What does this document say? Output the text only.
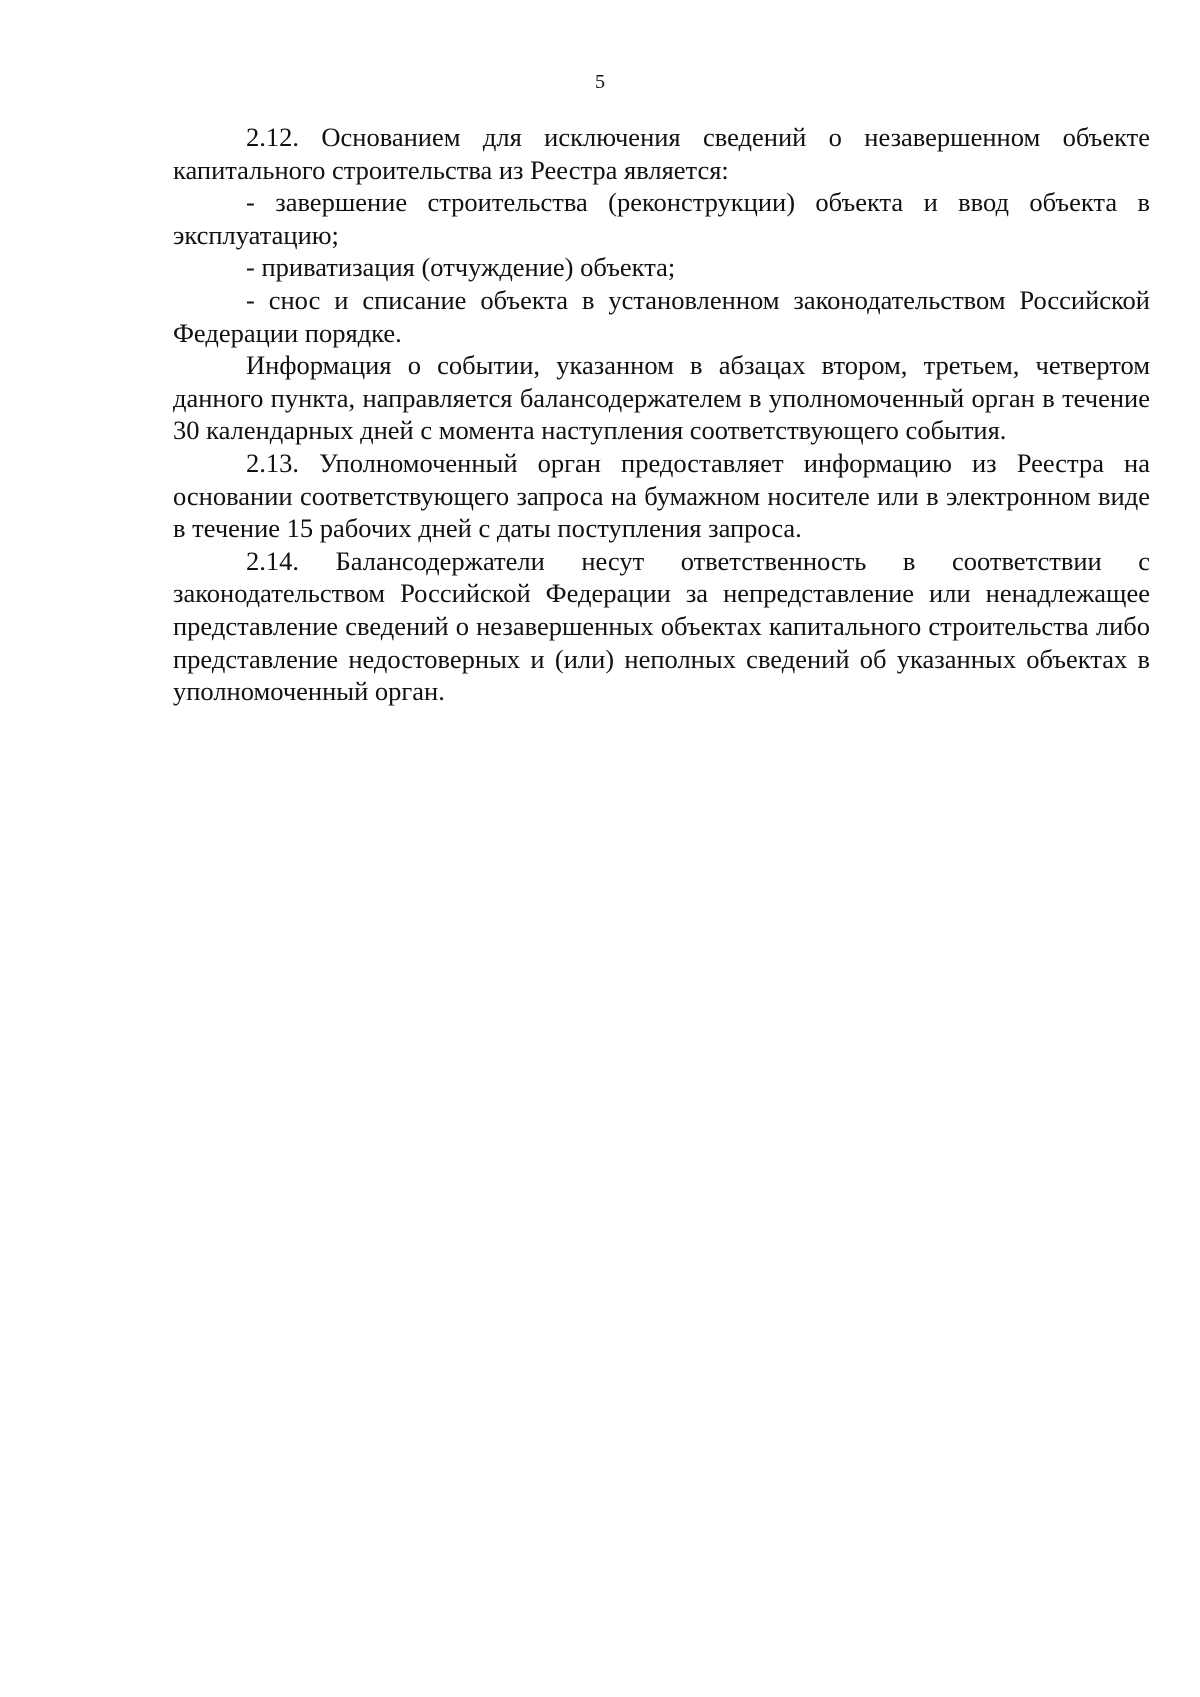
5

2.12. Основанием для исключения сведений о незавершенном объекте капитального строительства из Реестра является:

- завершение строительства (реконструкции) объекта и ввод объекта в эксплуатацию;

- приватизация (отчуждение) объекта;

- снос и списание объекта в установленном законодательством Российской Федерации порядке.

Информация о событии, указанном в абзацах втором, третьем, четвертом данного пункта, направляется балансодержателем в уполномоченный орган в течение 30 календарных дней с момента наступления соответствующего события.

2.13. Уполномоченный орган предоставляет информацию из Реестра на основании соответствующего запроса на бумажном носителе или в электронном виде в течение 15 рабочих дней с даты поступления запроса.

2.14. Балансодержатели несут ответственность в соответствии с законодательством Российской Федерации за непредставление или ненадлежащее представление сведений о незавершенных объектах капитального строительства либо представление недостоверных и (или) неполных сведений об указанных объектах в уполномоченный орган.
